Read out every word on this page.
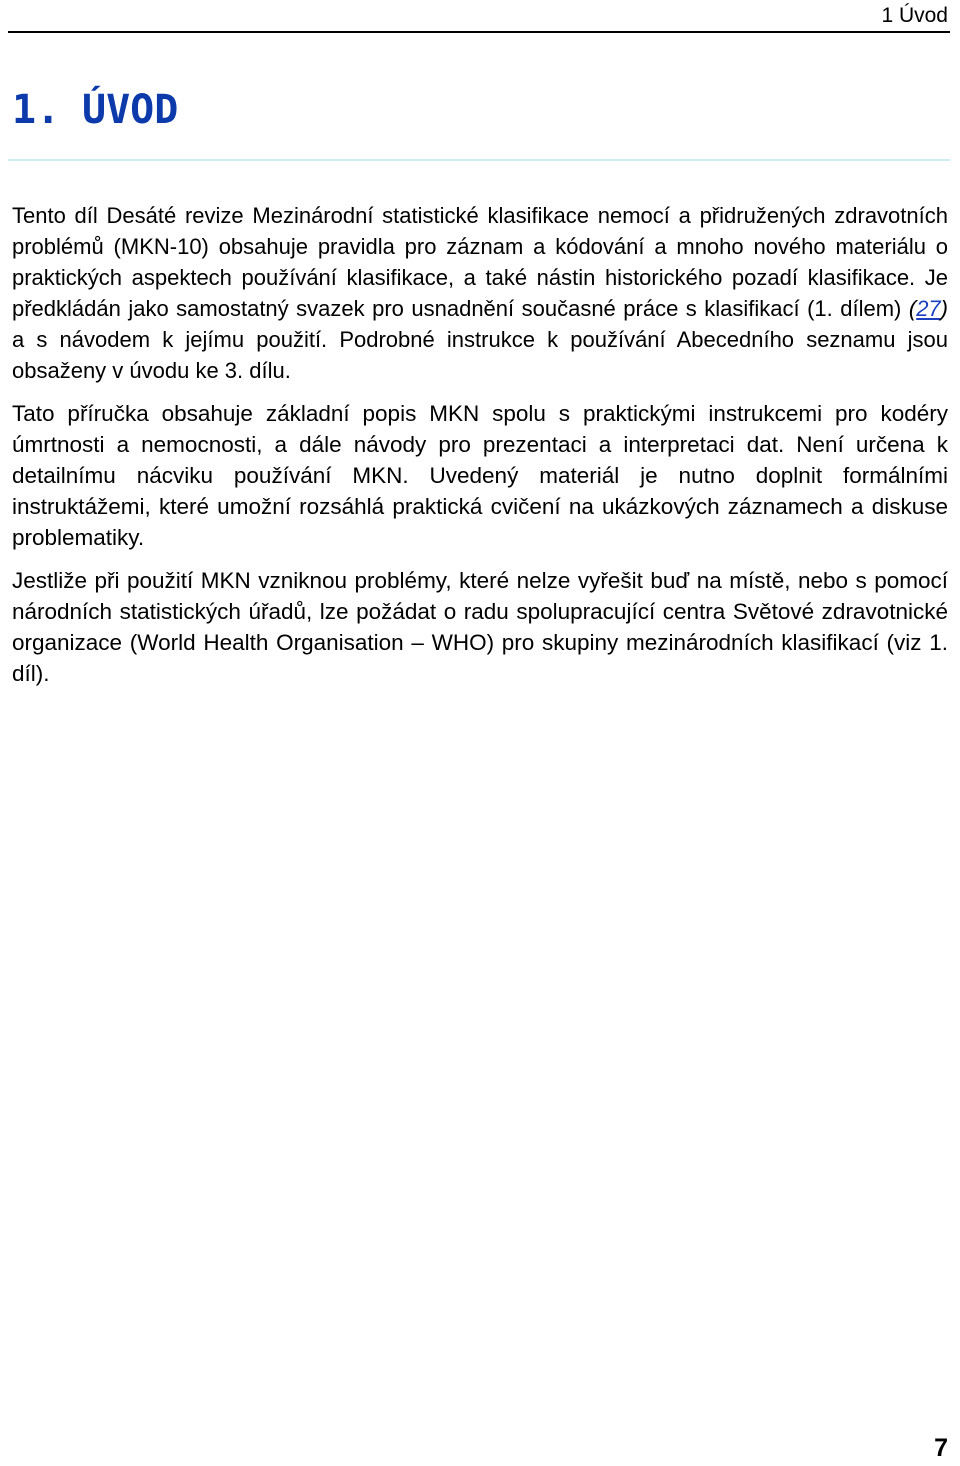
1 Úvod
1. ÚVOD

Tento díl Desáté revize Mezinárodní statistické klasifikace nemocí a přidružených zdravotních problémů (MKN-10) obsahuje pravidla pro záznam a kódování a mnoho nového materiálu o praktických aspektech používání klasifikace, a také nástin historického pozadí klasifikace. Je předkládán jako samostatný svazek pro usnadnění současné práce s klasifikací (1. dílem) (27) a s návodem k jejímu použití. Podrobné instrukce k používání Abecedního seznamu jsou obsaženy v úvodu ke 3. dílu.

Tato příručka obsahuje základní popis MKN spolu s praktickými instrukcemi pro kodéry úmrtnosti a nemocnosti, a dále návody pro prezentaci a interpretaci dat. Není určena k detailnímu nácviku používání MKN. Uvedený materiál je nutno doplnit formálními instruktážemi, které umožní rozsáhlá praktická cvičení na ukázkových záznamech a diskuse problematiky.

Jestliže při použití MKN vzniknou problémy, které nelze vyřešit buď na místě, nebo s pomocí národních statistických úřadů, lze požádat o radu spolupracující centra Světové zdravotnické organizace (World Health Organisation – WHO) pro skupiny mezinárodních klasifikací (viz 1. díl).

7
